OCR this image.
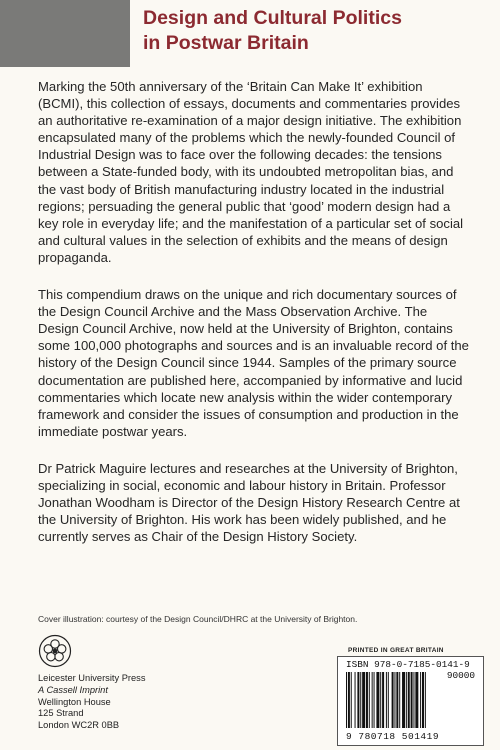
Design and Cultural Politics
in Postwar Britain

Marking the 50th anniversary of the ‘Britain Can Make It’ exhibition (BCMI), this collection of essays, documents and commentaries provides an authoritative re-examination of a major design initiative. The exhibition encapsulated many of the problems which the newly-founded Council of Industrial Design was to face over the following decades: the tensions between a State-funded body, with its undoubted metropolitan bias, and the vast body of British manufacturing industry located in the industrial regions; persuading the general public that ‘good’ modern design had a key role in everyday life; and the manifestation of a particular set of social and cultural values in the selection of exhibits and the means of design propaganda.

This compendium draws on the unique and rich documentary sources of the Design Council Archive and the Mass Observation Archive. The Design Council Archive, now held at the University of Brighton, contains some 100,000 photographs and sources and is an invaluable record of the history of the Design Council since 1944. Samples of the primary source documentation are published here, accompanied by informative and lucid commentaries which locate new analysis within the wider contemporary framework and consider the issues of consumption and production in the immediate postwar years.

Dr Patrick Maguire lectures and researches at the University of Brighton, specializing in social, economic and labour history in Britain. Professor Jonathan Woodham is Director of the Design History Research Centre at the University of Brighton. His work has been widely published, and he currently serves as Chair of the Design History Society.

Cover illustration: courtesy of the Design Council/DHRC at the University of Brighton.
Leicester University Press
A Cassell Imprint
Wellington House
125 Strand
London WC2R 0BB
PRINTED IN GREAT BRITAIN
ISBN 978-0-7185-0141-9
90000
9 780718 501419
